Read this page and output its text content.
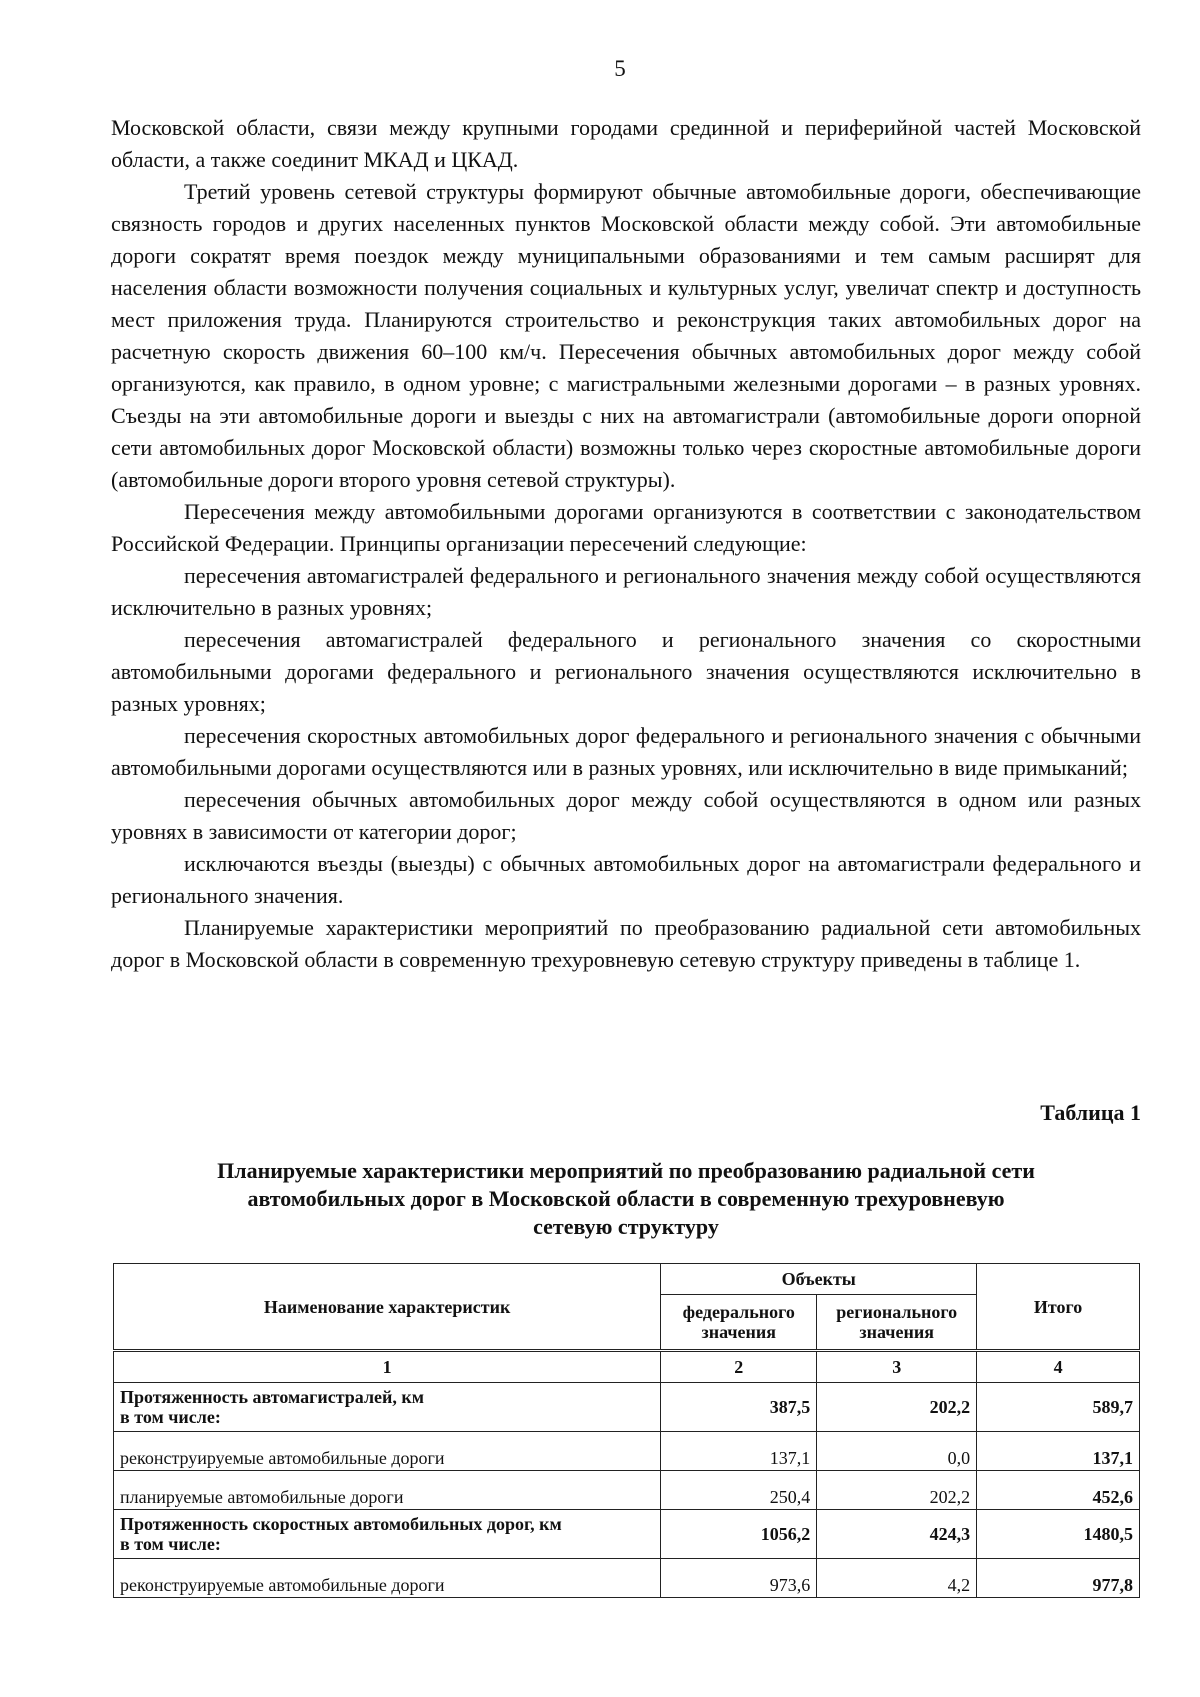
5

Московской области, связи между крупными городами срединной и периферийной частей Московской области, а также соединит МКАД и ЦКАД.

Третий уровень сетевой структуры формируют обычные автомобильные дороги, обеспечивающие связность городов и других населенных пунктов Московской области между собой. Эти автомобильные дороги сократят время поездок между муниципальными образованиями и тем самым расширят для населения области возможности получения социальных и культурных услуг, увеличат спектр и доступность мест приложения труда. Планируются строительство и реконструкция таких автомобильных дорог на расчетную скорость движения 60–100 км/ч. Пересечения обычных автомобильных дорог между собой организуются, как правило, в одном уровне; с магистральными железными дорогами – в разных уровнях. Съезды на эти автомобильные дороги и выезды с них на автомагистрали (автомобильные дороги опорной сети автомобильных дорог Московской области) возможны только через скоростные автомобильные дороги (автомобильные дороги второго уровня сетевой структуры).

Пересечения между автомобильными дорогами организуются в соответствии с законодательством Российской Федерации. Принципы организации пересечений следующие:

пересечения автомагистралей федерального и регионального значения между собой осуществляются исключительно в разных уровнях;

пересечения автомагистралей федерального и регионального значения со скоростными автомобильными дорогами федерального и регионального значения осуществляются исключительно в разных уровнях;

пересечения скоростных автомобильных дорог федерального и регионального значения с обычными автомобильными дорогами осуществляются или в разных уровнях, или исключительно в виде примыканий;

пересечения обычных автомобильных дорог между собой осуществляются в одном или разных уровнях в зависимости от категории дорог;

исключаются въезды (выезды) с обычных автомобильных дорог на автомагистрали федерального и регионального значения.

Планируемые характеристики мероприятий по преобразованию радиальной сети автомобильных дорог в Московской области в современную трехуровневую сетевую структуру приведены в таблице 1.

Таблица 1
Планируемые характеристики мероприятий по преобразованию радиальной сети
автомобильных дорог в Московской области в современную трехуровневую
сетевую структуру
Наименование характеристик	Объекты		Итого
	федерального значения	регионального значения	
1	2	3	4

Протяженность автомагистралей, км
в том числе:	387,5	202,2	589,7
реконструируемые автомобильные дороги	137,1	0,0	137,1
планируемые автомобильные дороги	250,4	202,2	452,6

Протяженность скоростных автомобильных дорог, км
в том числе:	1056,2	424,3	1480,5
реконструируемые автомобильные дороги	973,6	4,2	977,8
